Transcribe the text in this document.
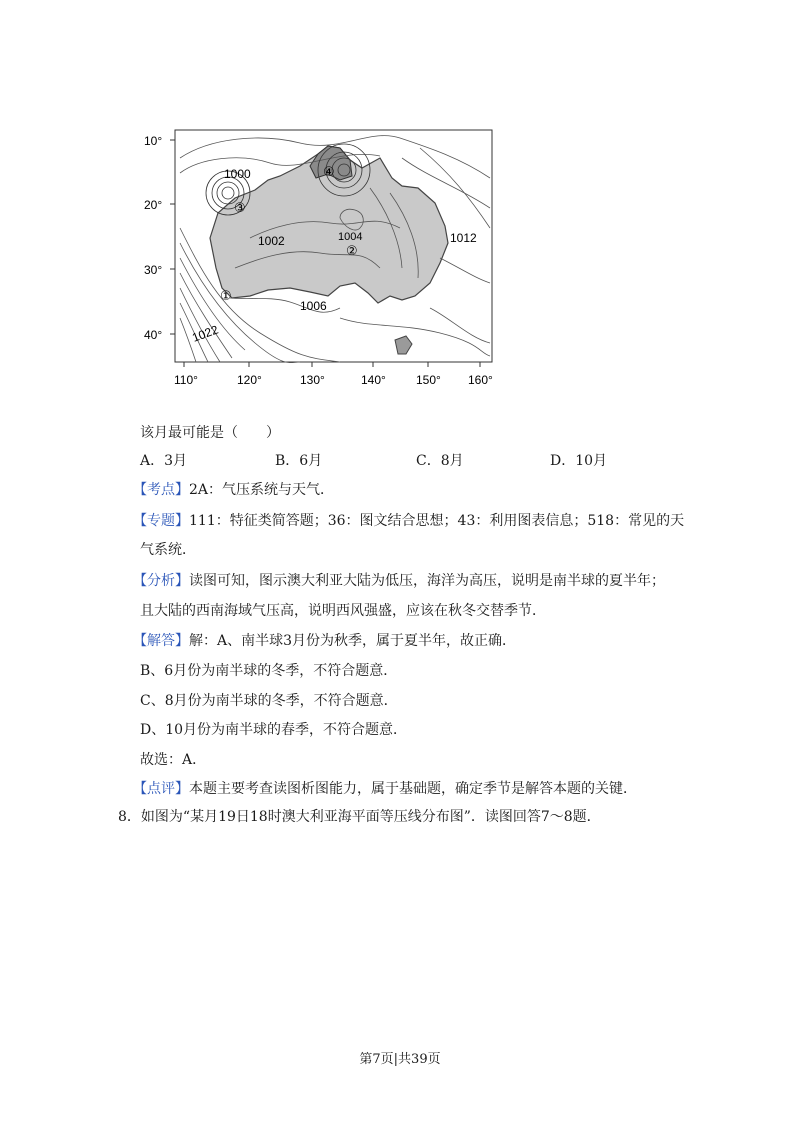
10°
20°
30°
40°
110°	120°	130°	140°	150° 160°
1000
1002	1004
1006
1012
1022
①
②
③
④
该月最可能是（　　）
A．3月	B．6月	C．8月	D．10月
【考点】2A：气压系统与天气．
【专题】111：特征类简答题；36：图文结合思想；43：利用图表信息；518：常见的天
气系统．
【分析】读图可知，图示澳大利亚大陆为低压，海洋为高压，说明是南半球的夏半年；
且大陆的西南海域气压高，说明西风强盛，应该在秋冬交替季节．
【解答】解：A、南半球3月份为秋季，属于夏半年，故正确．
B、6月份为南半球的冬季，不符合题意．
C、8月份为南半球的冬季，不符合题意．
D、10月份为南半球的春季，不符合题意．
故选：A．
【点评】本题主要考查读图析图能力，属于基础题，确定季节是解答本题的关键．
8．如图为“某月19日18时澳大利亚海平面等压线分布图”．读图回答7～8题．
第7页|共39页
